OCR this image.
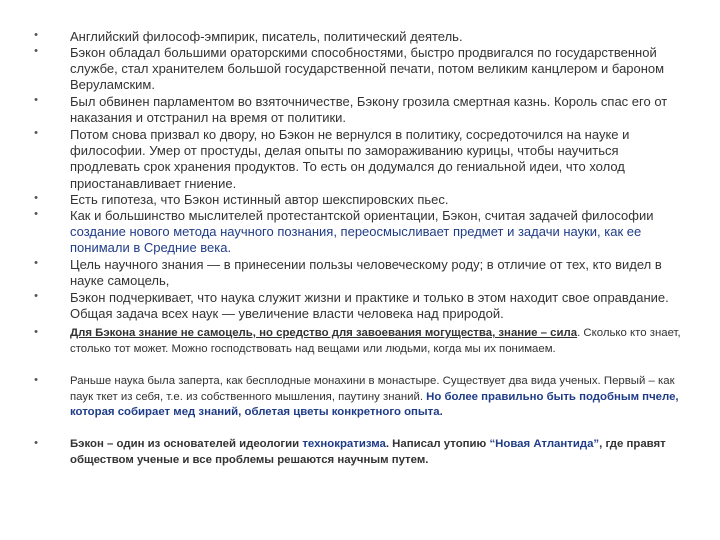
• Английский философ-эмпирик, писатель, политический деятель.

• Бэкон обладал большими ораторскими способностями, быстро продвигался по государственной службе, стал хранителем большой государственной печати, потом великим канцлером и бароном Веруламским.

• Был обвинен парламентом во взяточничестве, Бэкону грозила смертная казнь. Король спас его от наказания и отстранил на время от политики.

• Потом снова призвал ко двору, но Бэкон не вернулся в политику, сосредоточился на науке и философии. Умер от простуды, делая опыты по замораживанию курицы, чтобы научиться продлевать срок хранения продуктов. То есть он додумался до гениальной идеи, что холод приостанавливает гниение.

• Есть гипотеза, что Бэкон истинный автор шекспировских пьес.

• Как и большинство мыслителей протестантской ориентации, Бэкон, считая задачей философии создание нового метода научного познания, переосмысливает предмет и задачи науки, как ее понимали в Средние века.

• Цель научного знания — в принесении пользы человеческому роду; в отличие от тех, кто видел в науке самоцель,

• Бэкон подчеркивает, что наука служит жизни и практике и только в этом находит свое оправдание. Общая задача всех наук — увеличение власти человека над природой.

•	Для Бэкона знание не самоцель, но средство для завоевания могущества, знание – сила. Сколько кто знает, столько тот может. Можно господствовать над вещами или людьми, когда мы их понимаем.

•	Раньше наука была заперта, как бесплодные монахини в монастыре. Существует два вида ученых. Первый – как паук ткет из себя, т.е. из собственного мышления, паутину знаний. Но более правильно быть подобным пчеле, которая собирает мед знаний, облетая цветы конкретного опыта.

•	Бэкон – один из основателей идеологии технократизма. Написал утопию “Новая Атлантида”, где правят обществом ученые и все проблемы решаются научным путем.
